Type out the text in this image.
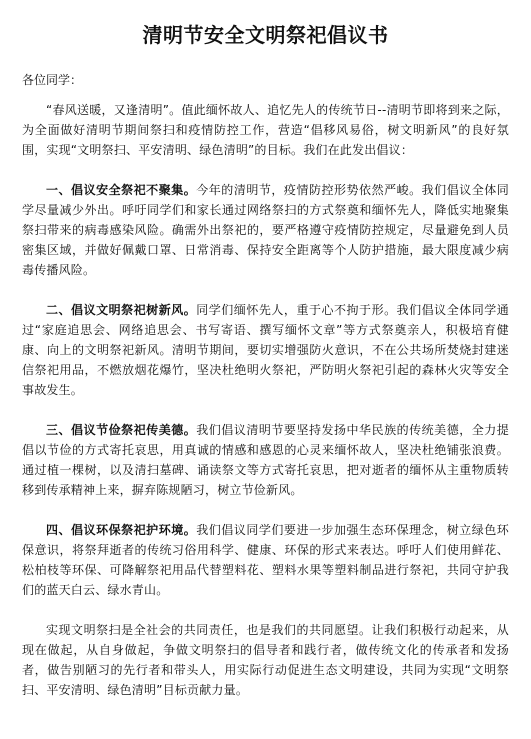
清明节安全文明祭祀倡议书
各位同学：

“春风送暖，又逢清明”。值此缅怀故人、追忆先人的传统节日--清明节即将到来之际，为全面做好清明节期间祭扫和疫情防控工作，营造“倡移风易俗，树文明新风”的良好氛围，实现“文明祭扫、平安清明、绿色清明”的目标。我们在此发出倡议：

一、倡议安全祭祀不聚集。今年的清明节，疫情防控形势依然严峻。我们倡议全体同学尽量减少外出。呼吁同学们和家长通过网络祭扫的方式祭奠和缅怀先人，降低实地聚集祭扫带来的病毒感染风险。确需外出祭祀的，要严格遵守疫情防控规定，尽量避免到人员密集区域，并做好佩戴口罩、日常消毒、保持安全距离等个人防护措施，最大限度减少病毒传播风险。

二、倡议文明祭祀树新风。同学们缅怀先人，重于心不拘于形。我们倡议全体同学通过“家庭追思会、网络追思会、书写寄语、撰写缅怀文章”等方式祭奠亲人，积极培育健康、向上的文明祭祀新风。清明节期间，要切实增强防火意识，不在公共场所焚烧封建迷信祭祀用品，不燃放烟花爆竹，坚决杜绝明火祭祀，严防明火祭祀引起的森林火灾等安全事故发生。

三、倡议节俭祭祀传美德。我们倡议清明节要坚持发扬中华民族的传统美德，全力提倡以节俭的方式寄托哀思，用真诚的情感和感恩的心灵来缅怀故人，坚决杜绝铺张浪费。通过植一棵树，以及清扫墓碑、诵读祭文等方式寄托哀思，把对逝者的缅怀从主重物质转移到传承精神上来，摒弃陈规陋习，树立节俭新风。

四、倡议环保祭祀护环境。我们倡议同学们要进一步加强生态环保理念，树立绿色环保意识，将祭拜逝者的传统习俗用科学、健康、环保的形式来表达。呼吁人们使用鲜花、松柏枝等环保、可降解祭祀用品代替塑料花、塑料水果等塑料制品进行祭祀，共同守护我们的蓝天白云、绿水青山。

实现文明祭扫是全社会的共同责任，也是我们的共同愿望。让我们积极行动起来，从现在做起，从自身做起，争做文明祭扫的倡导者和践行者，做传统文化的传承者和发扬者，做告别陋习的先行者和带头人，用实际行动促进生态文明建设，共同为实现“文明祭扫、平安清明、绿色清明”目标贡献力量。
